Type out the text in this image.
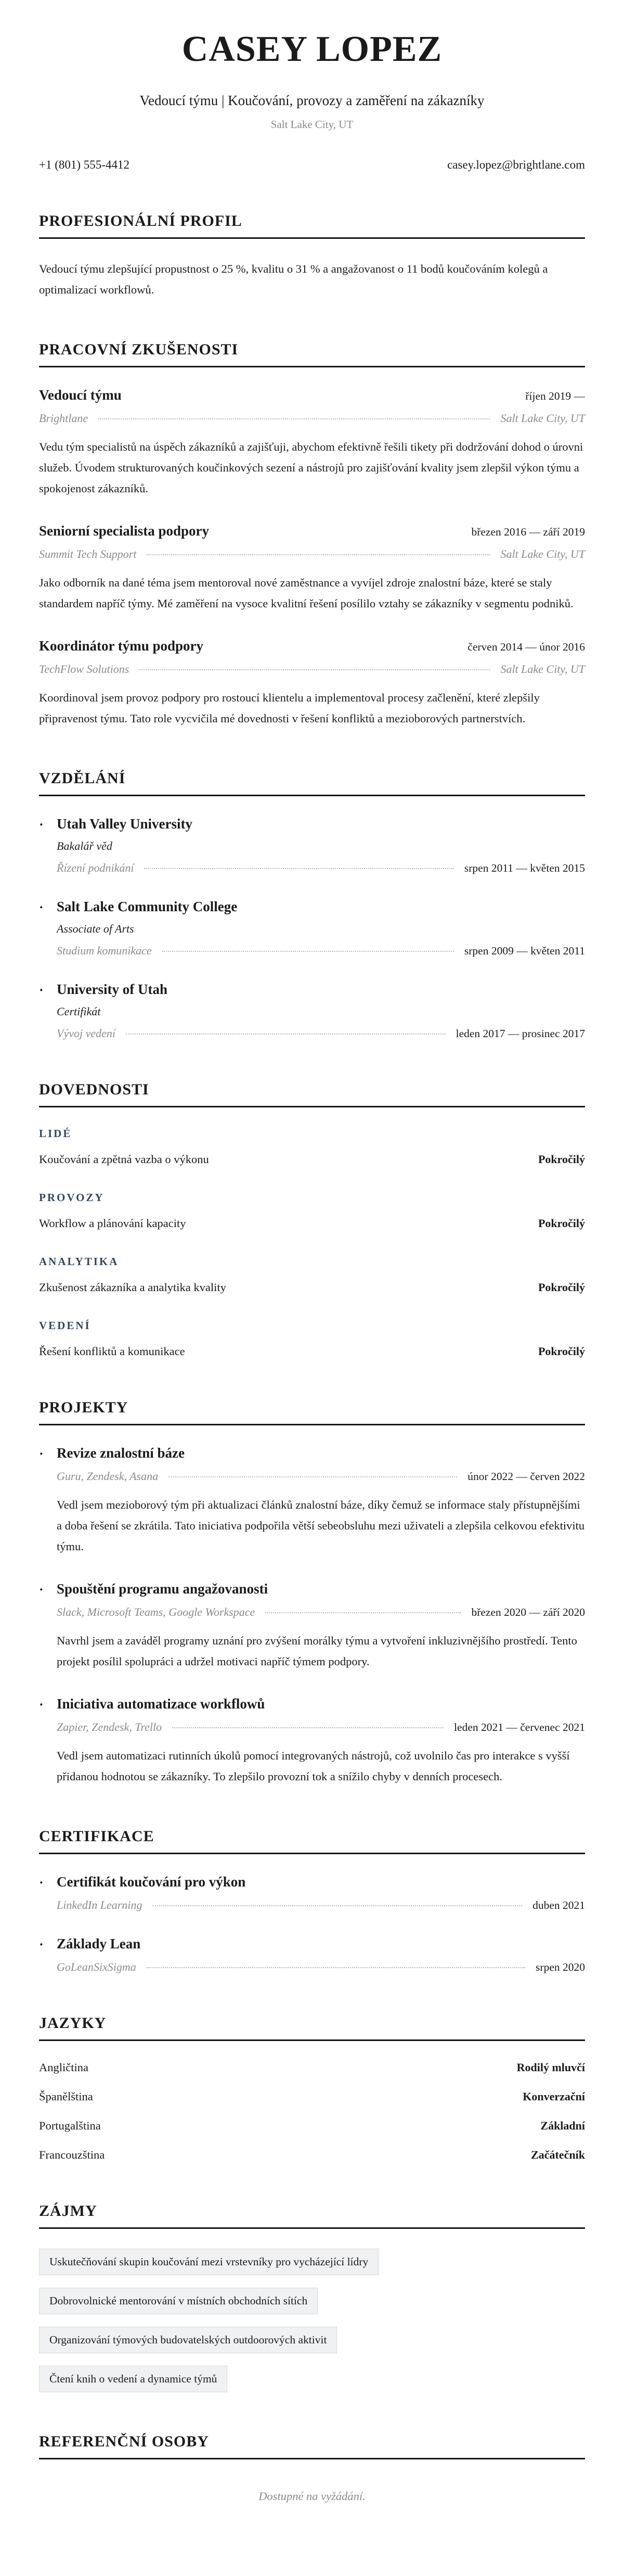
CASEY LOPEZ
Vedoucí týmu | Koučování, provozy a zaměření na zákazníky
Salt Lake City, UT
+1 (801) 555-4412	casey.lopez@brightlane.com
PROFESIONÁLNÍ PROFIL

Vedoucí týmu zlepšující propustnost o 25 %, kvalitu o 31 % a angažovanost o 11 bodů koučováním kolegů a optimalizací workflowů.

PRACOVNÍ ZKUŠENOSTI
Vedoucí týmu	říjen 2019 —
Brightlane	Salt Lake City, UT

Vedu tým specialistů na úspěch zákazníků a zajišťuji, abychom efektivně řešili tikety při dodržování dohod o úrovni služeb. Úvodem strukturovaných koučinkových sezení a nástrojů pro zajišťování kvality jsem zlepšil výkon týmu a spokojenost zákazníků.

Seniorní specialista podpory	březen 2016 — září 2019
Summit Tech Support	Salt Lake City, UT

Jako odborník na dané téma jsem mentoroval nové zaměstnance a vyvíjel zdroje znalostní báze, které se staly standardem napříč týmy. Mé zaměření na vysoce kvalitní řešení posílilo vztahy se zákazníky v segmentu podniků.

Koordinátor týmu podpory	červen 2014 — únor 2016
TechFlow Solutions	Salt Lake City, UT

Koordinoval jsem provoz podpory pro rostoucí klientelu a implementoval procesy začlenění, které zlepšily připravenost týmu. Tato role vycvičila mé dovednosti v řešení konfliktů a mezioborových partnerstvích.

VZDĚLÁNÍ
· Utah Valley University
Bakalář věd
Řízení podnikání	srpen 2011 — květen 2015
· Salt Lake Community College
Associate of Arts
Studium komunikace	srpen 2009 — květen 2011
· University of Utah
Certifikát
Vývoj vedení	leden 2017 — prosinec 2017
DOVEDNOSTI
LIDÉ
Koučování a zpětná vazba o výkonu	Pokročilý
PROVOZY
Workflow a plánování kapacity	Pokročilý
ANALYTIKA
Zkušenost zákazníka a analytika kvality	Pokročilý
VEDENÍ
Řešení konfliktů a komunikace	Pokročilý
PROJEKTY
· Revize znalostní báze
Guru, Zendesk, Asana	únor 2022 — červen 2022

Vedl jsem mezioborový tým při aktualizaci článků znalostní báze, díky čemuž se informace staly přístupnějšími a doba řešení se zkrátila. Tato iniciativa podpořila větší sebeobsluhu mezi uživateli a zlepšila celkovou efektivitu týmu.

· Spouštění programu angažovanosti
Slack, Microsoft Teams, Google Workspace	březen 2020 — září 2020

Navrhl jsem a zaváděl programy uznání pro zvýšení morálky týmu a vytvoření inkluzivnějšího prostředí. Tento projekt posílil spolupráci a udržel motivaci napříč týmem podpory.

· Iniciativa automatizace workflowů
Zapier, Zendesk, Trello	leden 2021 — červenec 2021

Vedl jsem automatizaci rutinních úkolů pomocí integrovaných nástrojů, což uvolnilo čas pro interakce s vyšší přidanou hodnotou se zákazníky. To zlepšilo provozní tok a snížilo chyby v denních procesech.

CERTIFIKACE
· Certifikát koučování pro výkon
LinkedIn Learning	duben 2021
· Základy Lean
GoLeanSixSigma	srpen 2020
JAZYKY
Angličtina	Rodilý mluvčí
Španělština	Konverzační
Portugalština	Základní
Francouzština	Začátečník
ZÁJMY
Uskutečňování skupin koučování mezi vrstevníky pro vycházející lídry
Dobrovolnické mentorování v místních obchodních sítích
Organizování týmových budovatelských outdoorových aktivit
Čtení knih o vedení a dynamice týmů
REFERENČNÍ OSOBY
Dostupné na vyžádání.
